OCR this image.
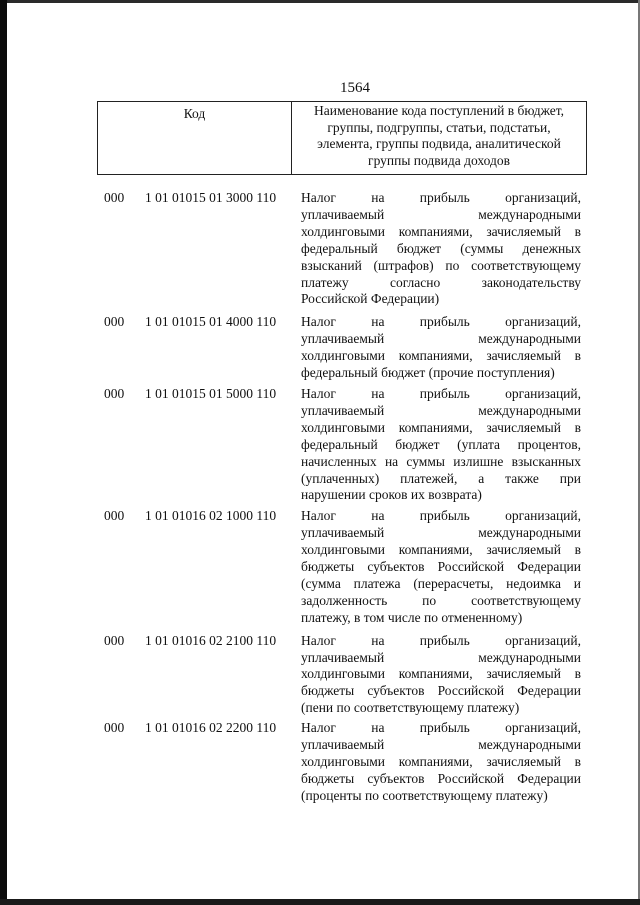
1564
Код	Наименование кода поступлений в бюджет, группы, подгруппы, статьи, подстатьи, элемента, группы подвида, аналитической группы подвида доходов
000 1 01 01015 01 3000 110 Налог на прибыль организаций,
уплачиваемый международными
холдинговыми компаниями, зачисляемый в
федеральный бюджет (суммы денежных
взысканий (штрафов) по соответствующему
платежу согласно законодательству
Российской Федерации)
000 1 01 01015 01 4000 110 Налог на прибыль организаций,
уплачиваемый международными
холдинговыми компаниями, зачисляемый в
федеральный бюджет (прочие поступления)
000 1 01 01015 01 5000 110 Налог на прибыль организаций,
уплачиваемый международными
холдинговыми компаниями, зачисляемый в
федеральный бюджет (уплата процентов,
начисленных на суммы излишне взысканных
(уплаченных) платежей, а также при
нарушении сроков их возврата)
000 1 01 01016 02 1000 110 Налог на прибыль организаций,
уплачиваемый международными
холдинговыми компаниями, зачисляемый в
бюджеты субъектов Российской Федерации
(сумма платежа (перерасчеты, недоимка и
задолженность по соответствующему
платежу, в том числе по отмененному)
000 1 01 01016 02 2100 110 Налог на прибыль организаций,
уплачиваемый международными
холдинговыми компаниями, зачисляемый в
бюджеты субъектов Российской Федерации
(пени по соответствующему платежу)
000 1 01 01016 02 2200 110 Налог на прибыль организаций,
уплачиваемый международными
холдинговыми компаниями, зачисляемый в
бюджеты субъектов Российской Федерации
(проценты по соответствующему платежу)
